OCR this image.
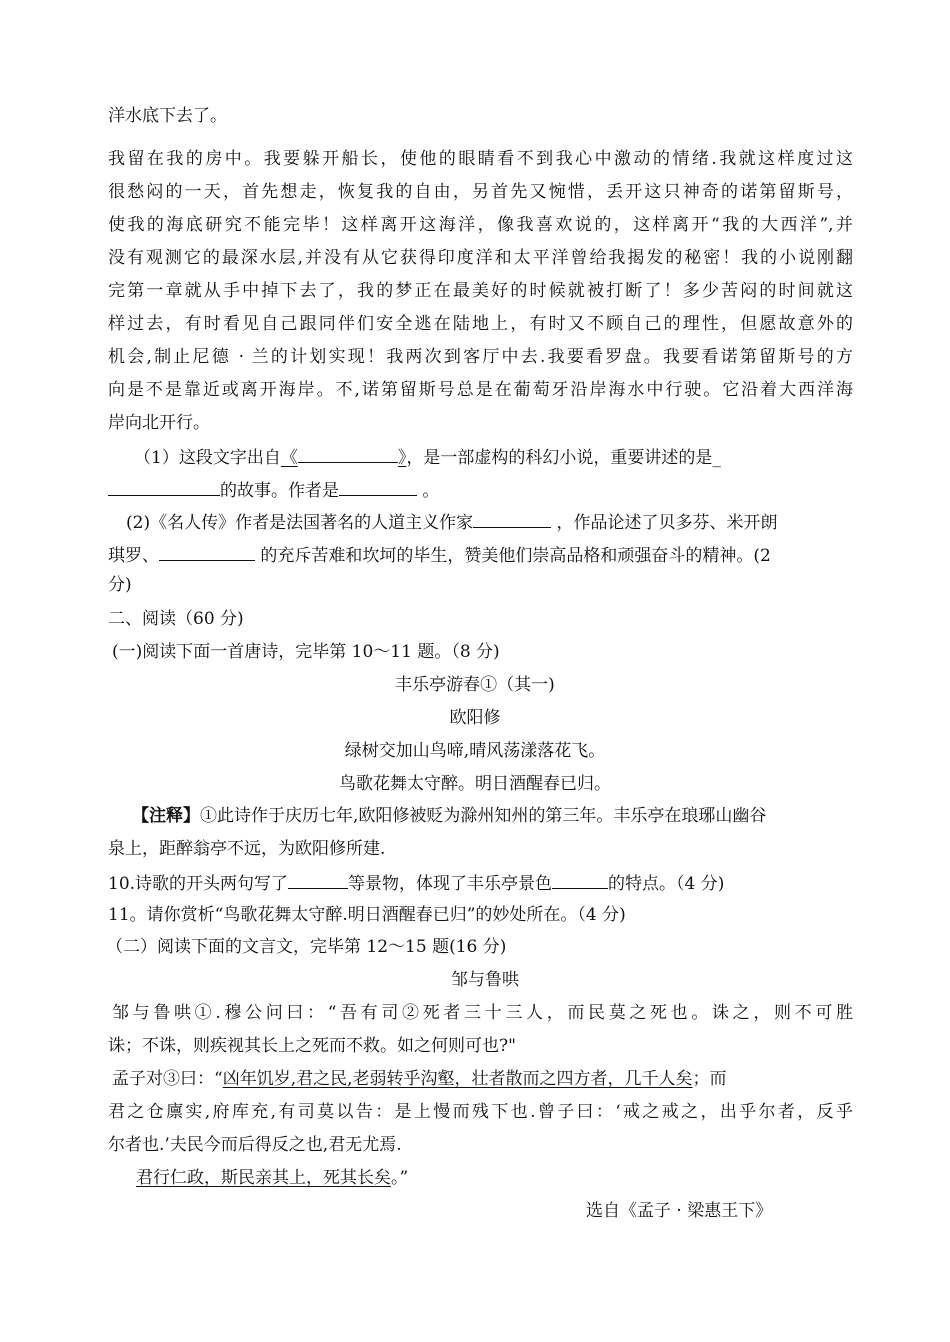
洋水底下去了。
我留在我的房中。我要躲开船长，使他的眼睛看不到我心中激动的情绪.我就这样度过这
很愁闷的一天，首先想走，恢复我的自由，另首先又惋惜，丢开这只神奇的诺第留斯号，
使我的海底研究不能完毕！这样离开这海洋，像我喜欢说的，这样离开“我的大西洋”,并
没有观测它的最深水层,并没有从它获得印度洋和太平洋曾给我揭发的秘密！我的小说刚翻
完第一章就从手中掉下去了，我的梦正在最美好的时候就被打断了！多少苦闷的时间就这
样过去，有时看见自己跟同伴们安全逃在陆地上，有时又不顾自己的理性，但愿故意外的
机会,制止尼德 · 兰的计划实现！我两次到客厅中去.我要看罗盘。我要看诺第留斯号的方
向是不是靠近或离开海岸。不,诺第留斯号总是在葡萄牙沿岸海水中行驶。它沿着大西洋海
岸向北开行。
（1）这段文字出自《	》，是一部虚构的科幻小说，重要讲述的是_
的故事。作者是	。
(2)《名人传》作者是法国著名的人道主义作家	，作品论述了贝多芬、米开朗
琪罗、	的充斥苦难和坎坷的毕生，赞美他们崇高品格和顽强奋斗的精神。(2
分)
二、阅读（60 分)
(一)阅读下面一首唐诗，完毕第 10～11 题。（8 分)
丰乐亭游春①（其一)
欧阳修
绿树交加山鸟啼,晴风荡漾落花飞。
鸟歌花舞太守醉。明日酒醒春已归。
【注释】①此诗作于庆历七年,欧阳修被贬为滁州知州的第三年。丰乐亭在琅琊山幽谷
泉上，距醉翁亭不远，为欧阳修所建.
10.诗歌的开头两句写了	等景物，体现了丰乐亭景色	的特点。（4 分)
11。请你赏析“鸟歌花舞太守醉.明日酒醒春已归”的妙处所在。（4 分)
（二）阅读下面的文言文，完毕第 12～15 题(16 分)
邹与鲁哄
邹与鲁哄①.穆公问曰：“吾有司②死者三十三人，而民莫之死也。诛之，则不可胜
诛；不诛，则疾视其长上之死而不救。如之何则可也?"
孟子对③曰：“凶年饥岁,君之民,老弱转乎沟壑，壮者散而之四方者，几千人矣；而
君之仓廪实,府库充,有司莫以告：是上慢而残下也.曾子曰：‘戒之戒之，出乎尔者，反乎
尔者也.’夫民今而后得反之也,君无尤焉.
君行仁政，斯民亲其上，死其长矣。”
选自《孟子 · 梁惠王下》
